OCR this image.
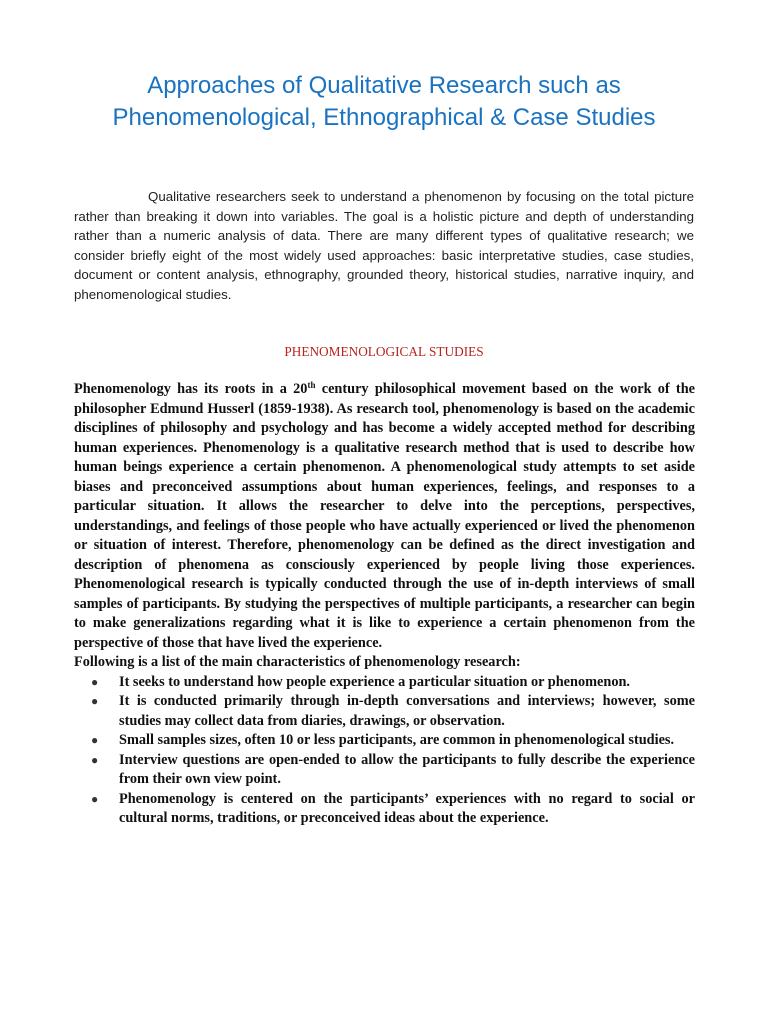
Approaches of Qualitative Research such as Phenomenological, Ethnographical & Case Studies

Qualitative researchers seek to understand a phenomenon by focusing on the total picture rather than breaking it down into variables. The goal is a holistic picture and depth of understanding rather than a numeric analysis of data. There are many different types of qualitative research; we consider briefly eight of the most widely used approaches: basic interpretative studies, case studies, document or content analysis, ethnography, grounded theory, historical studies, narrative inquiry, and phenomenological studies.

PHENOMENOLOGICAL STUDIES

Phenomenology has its roots in a 20th century philosophical movement based on the work of the philosopher Edmund Husserl (1859-1938). As research tool, phenomenology is based on the academic disciplines of philosophy and psychology and has become a widely accepted method for describing human experiences. Phenomenology is a qualitative research method that is used to describe how human beings experience a certain phenomenon. A phenomenological study attempts to set aside biases and preconceived assumptions about human experiences, feelings, and responses to a particular situation. It allows the researcher to delve into the perceptions, perspectives, understandings, and feelings of those people who have actually experienced or lived the phenomenon or situation of interest. Therefore, phenomenology can be defined as the direct investigation and description of phenomena as consciously experienced by people living those experiences. Phenomenological research is typically conducted through the use of in-depth interviews of small samples of participants. By studying the perspectives of multiple participants, a researcher can begin to make generalizations regarding what it is like to experience a certain phenomenon from the perspective of those that have lived the experience.

Following is a list of the main characteristics of phenomenology research:

● It seeks to understand how people experience a particular situation or phenomenon.
● It is conducted primarily through in-depth conversations and interviews; however, some studies may collect data from diaries, drawings, or observation.
● Small samples sizes, often 10 or less participants, are common in phenomenological studies.
● Interview questions are open-ended to allow the participants to fully describe the experience from their own view point.
● Phenomenology is centered on the participants’ experiences with no regard to social or cultural norms, traditions, or preconceived ideas about the experience.
